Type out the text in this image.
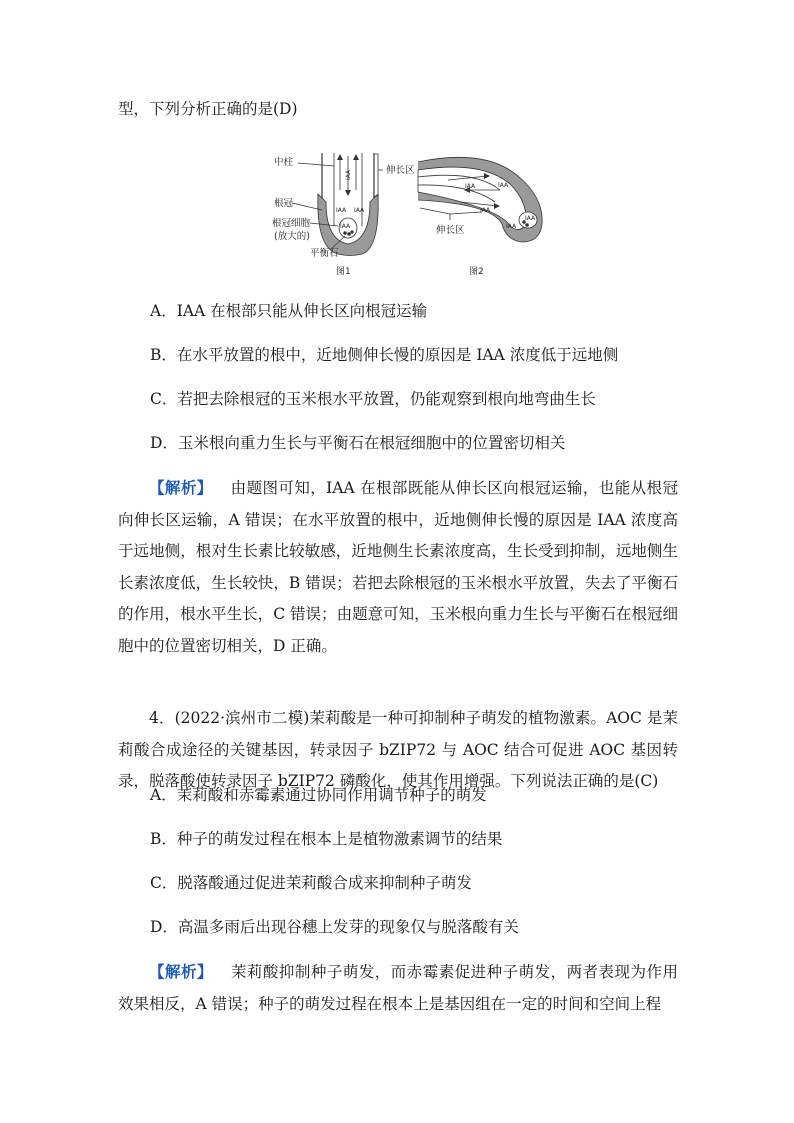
型，下列分析正确的是(D)
IAA
IAA IAA
IAA
中柱
根冠
根冠细胞
(放大的)
平衡石
伸长区
图1
IAA	IAA
IAA
IAA
IAA
伸长区
图2
A．IAA 在根部只能从伸长区向根冠运输
B．在水平放置的根中，近地侧伸长慢的原因是 IAA 浓度低于远地侧
C．若把去除根冠的玉米根水平放置，仍能观察到根向地弯曲生长
D．玉米根向重力生长与平衡石在根冠细胞中的位置密切相关
【解析】 由题图可知，IAA 在根部既能从伸长区向根冠运输，也能从根冠向伸长区运输，A 错误；在水平放置的根中，近地侧伸长慢的原因是 IAA 浓度高于远地侧，根对生长素比较敏感，近地侧生长素浓度高，生长受到抑制，远地侧生长素浓度低，生长较快，B 错误；若把去除根冠的玉米根水平放置，失去了平衡石的作用，根水平生长，C 错误；由题意可知，玉米根向重力生长与平衡石在根冠细胞中的位置密切相关，D 正确。
4．(2022·滨州市二模)茉莉酸是一种可抑制种子萌发的植物激素。AOC 是茉莉酸合成途径的关键基因，转录因子 bZIP72 与 AOC 结合可促进 AOC 基因转录，脱落酸使转录因子 bZIP72 磷酸化，使其作用增强。下列说法正确的是(C)
A．茉莉酸和赤霉素通过协同作用调节种子的萌发
B．种子的萌发过程在根本上是植物激素调节的结果
C．脱落酸通过促进茉莉酸合成来抑制种子萌发
D．高温多雨后出现谷穗上发芽的现象仅与脱落酸有关
【解析】 茉莉酸抑制种子萌发，而赤霉素促进种子萌发，两者表现为作用效果相反，A 错误；种子的萌发过程在根本上是基因组在一定的时间和空间上程
